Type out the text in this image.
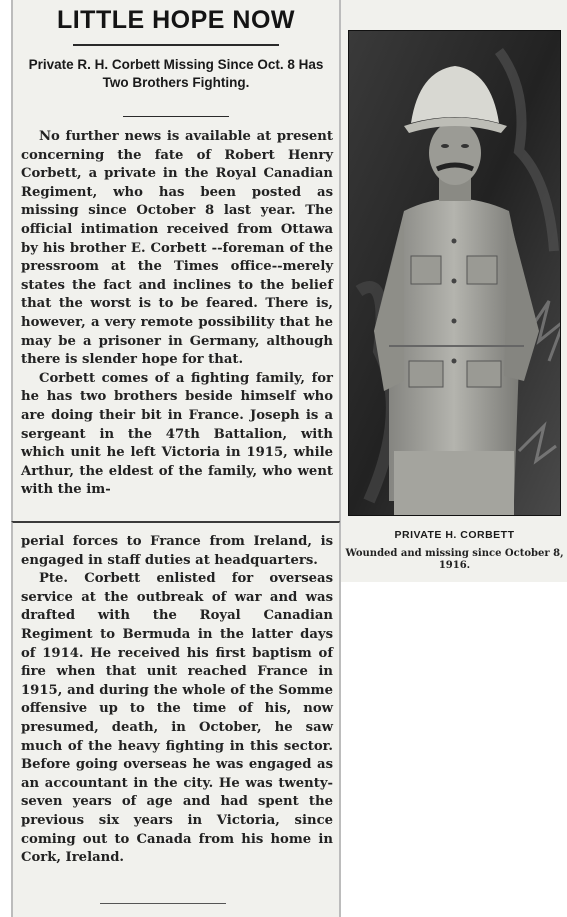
LITTLE HOPE NOW
Private R. H. Corbett Missing Since Oct. 8 Has Two Brothers Fighting.

No further news is available at present concerning the fate of Robert Henry Corbett, a private in the Royal Canadian Regiment, who has been posted as missing since October 8 last year. The official intimation received from Ottawa by his brother E. Corbett --foreman of the pressroom at the Times office--merely states the fact and inclines to the belief that the worst is to be feared. There is, however, a very remote possibility that he may be a prisoner in Germany, although there is slender hope for that.

Corbett comes of a fighting family, for he has two brothers beside himself who are doing their bit in France. Joseph is a sergeant in the 47th Battalion, with which unit he left Victoria in 1915, while Arthur, the eldest of the family, who went with the im-

perial forces to France from Ireland, is engaged in staff duties at headquarters.

Pte. Corbett enlisted for overseas service at the outbreak of war and was drafted with the Royal Canadian Regiment to Bermuda in the latter days of 1914. He received his first baptism of fire when that unit reached France in 1915, and during the whole of the Somme offensive up to the time of his, now presumed, death, in October, he saw much of the heavy fighting in this sector. Before going overseas he was engaged as an accountant in the city. He was twenty-seven years of age and had spent the previous six years in Victoria, since coming out to Canada from his home in Cork, Ireland.

PRIVATE H. CORBETT
Wounded and missing since October 8, 1916.
